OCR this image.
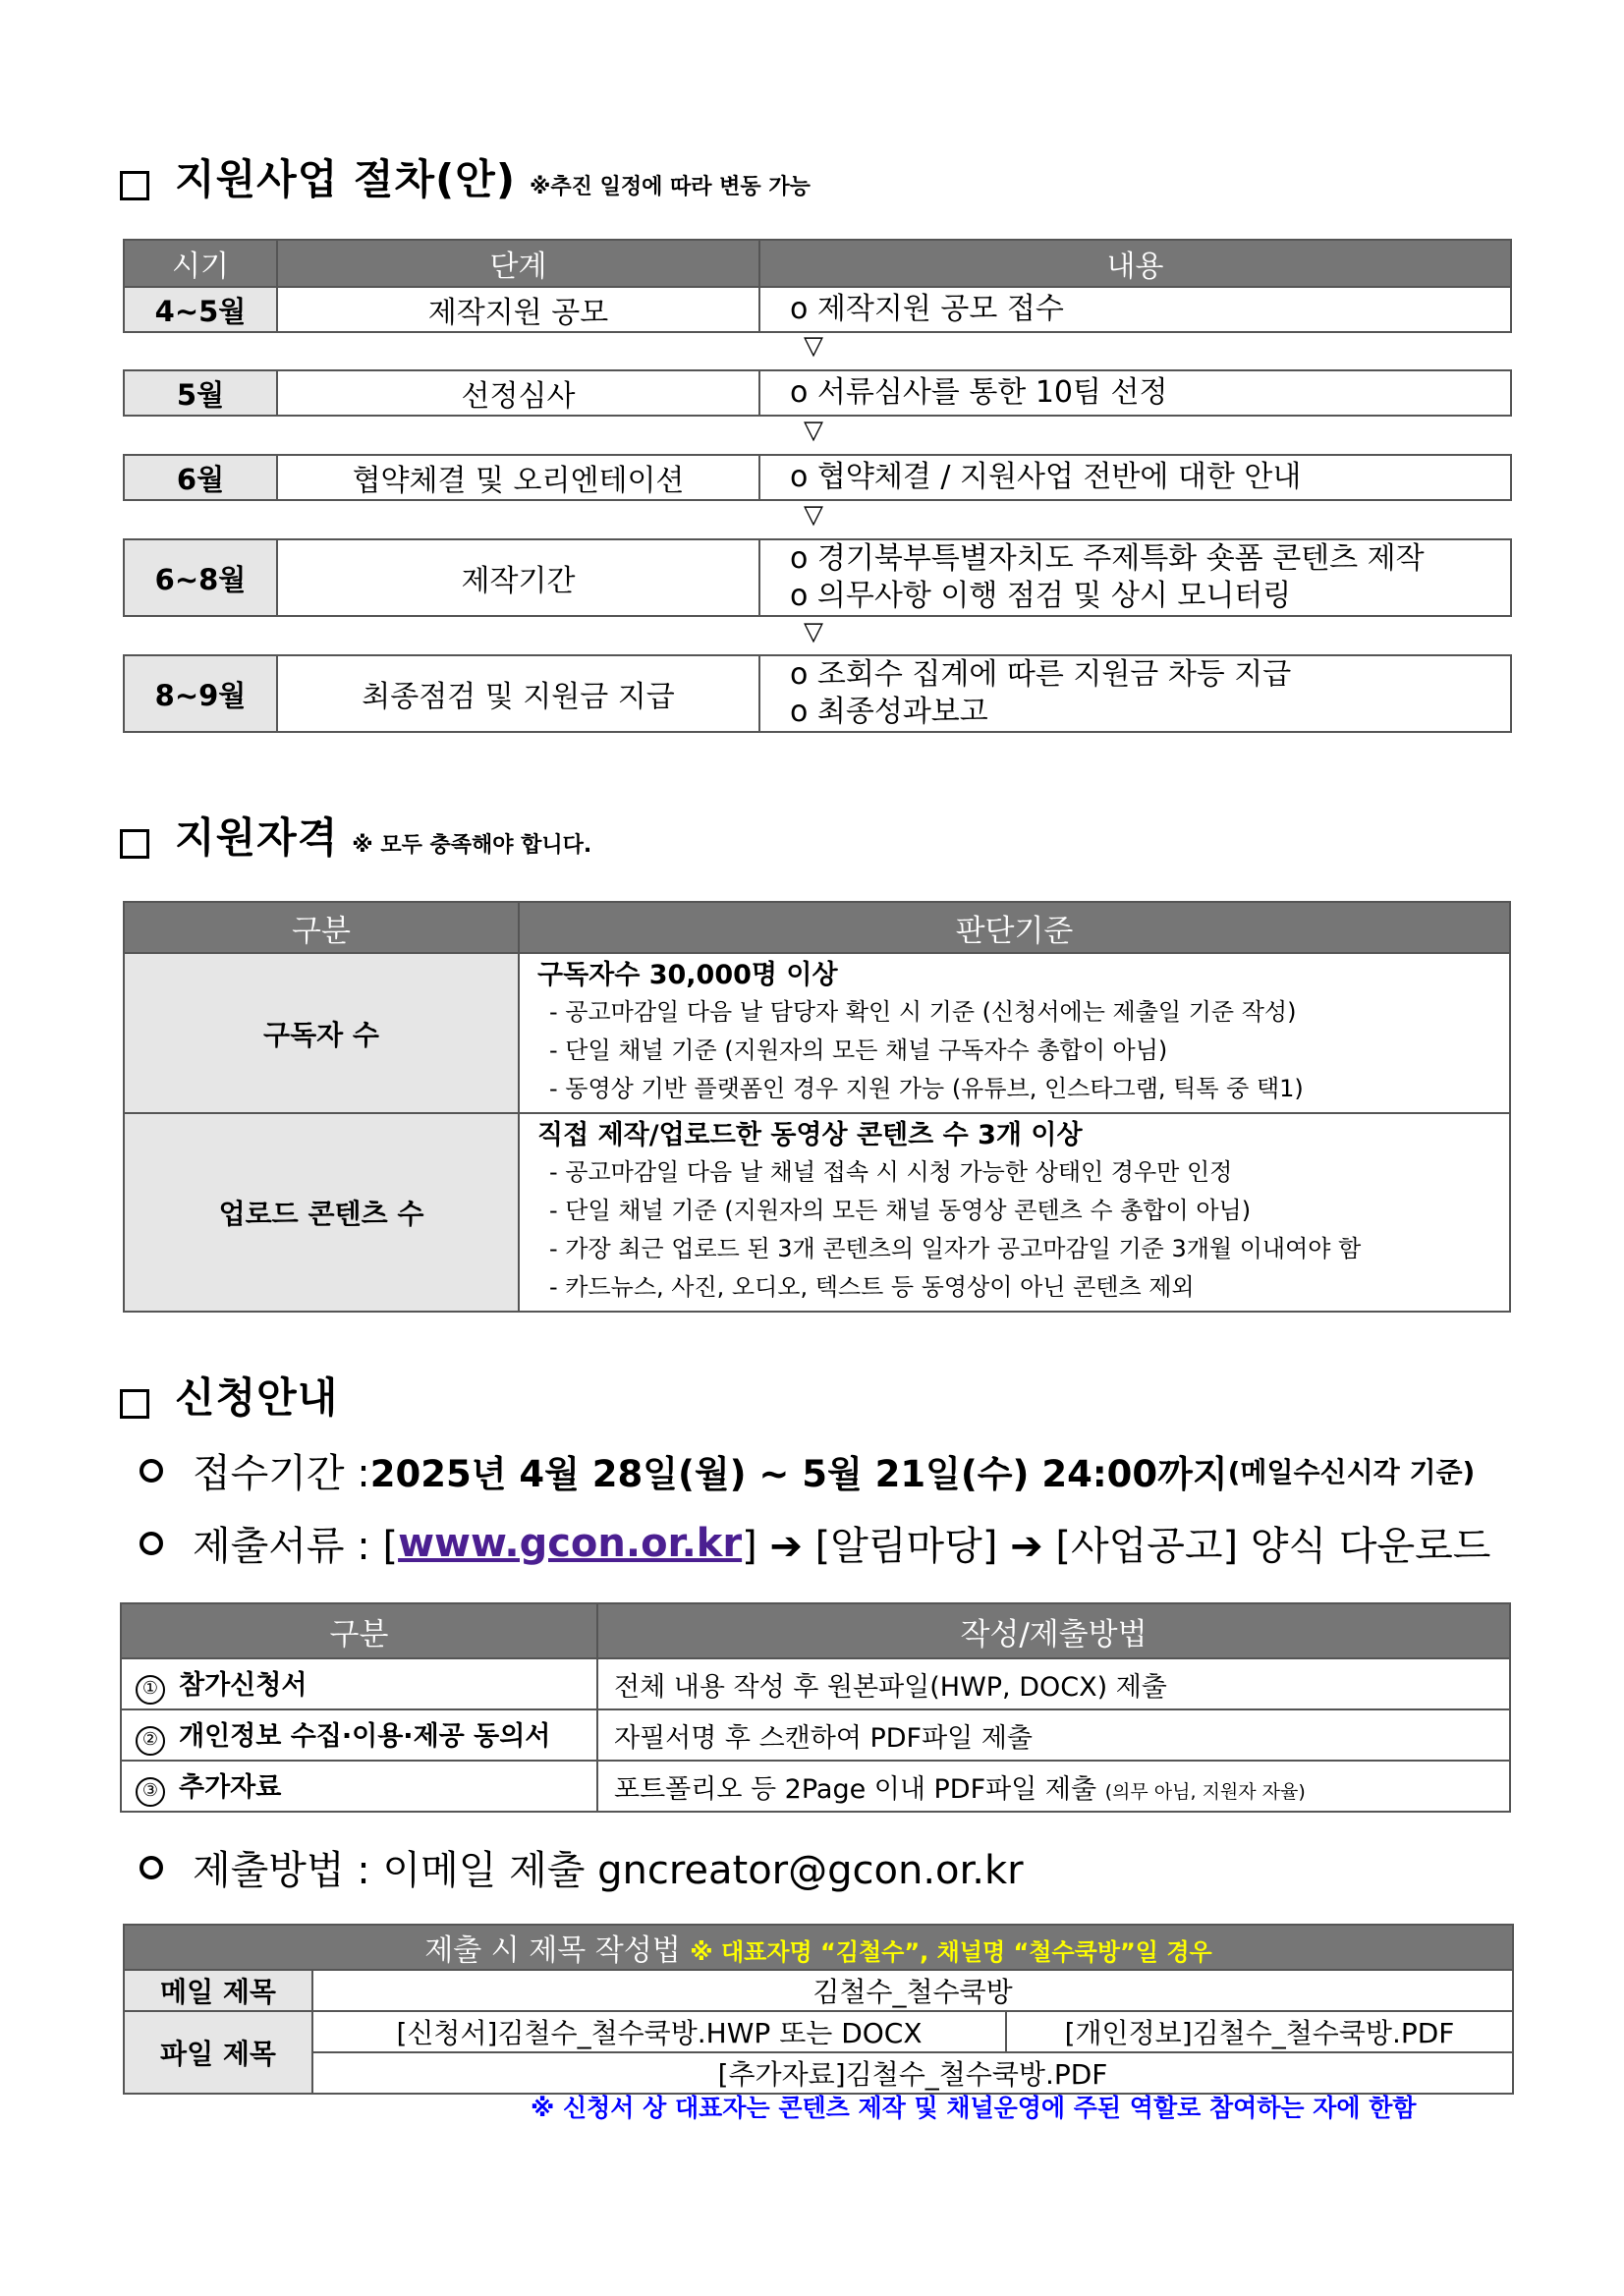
지원사업 절차(안) ※추진 일정에 따라 변동 가능
시기	단계	내용
4~5월	제작지원 공모	o 제작지원 공모 접수
▽
5월	선정심사	o 서류심사를 통한 10팀 선정
▽
6월	협약체결 및 오리엔테이션	o 협약체결 / 지원사업 전반에 대한 안내
▽
6~8월	제작기간	
o 경기북부특별자치도 주제특화 숏폼 콘텐츠 제작
o 의무사항 이행 점검 및 상시 모니터링
▽
8~9월	최종점검 및 지원금 지급	
o 조회수 집계에 따른 지원금 차등 지급
o 최종성과보고
지원자격 ※ 모두 충족해야 합니다.
구분	판단기준
구독자 수	구독자수 30,000명 이상
- 공고마감일 다음 날 담당자 확인 시 기준 (신청서에는 제출일 기준 작성)
- 단일 채널 기준 (지원자의 모든 채널 구독자수 총합이 아님)
- 동영상 기반 플랫폼인 경우 지원 가능 (유튜브, 인스타그램, 틱톡 중 택1)

업로드 콘텐츠 수	직접 제작/업로드한 동영상 콘텐츠 수 3개 이상
- 공고마감일 다음 날 채널 접속 시 시청 가능한 상태인 경우만 인정
- 단일 채널 기준 (지원자의 모든 채널 동영상 콘텐츠 수 총합이 아님)
- 가장 최근 업로드 된 3개 콘텐츠의 일자가 공고마감일 기준 3개월 이내여야 함
- 카드뉴스, 사진, 오디오, 텍스트 등 동영상이 아닌 콘텐츠 제외
신청안내
접수기간 : 2025년 4월 28일(월) ~ 5월 21일(수) 24:00까지 (메일수신시각 기준)
제출서류 : [ www.gcon.or.kr ] ➔ [알림마당] ➔ [사업공고] 양식 다운로드
구분	작성/제출방법
① 참가신청서	전체 내용 작성 후 원본파일(HWP, DOCX) 제출
② 개인정보 수집·이용·제공 동의서	자필서명 후 스캔하여 PDF파일 제출
③ 추가자료	포트폴리오 등 2Page 이내 PDF파일 제출 (의무 아님, 지원자 자율)
제출방법 : 이메일 제출 gncreator@gcon.or.kr
제출 시 제목 작성법 ※ 대표자명 “김철수”, 채널명 “철수쿡방”일 경우		
메일 제목	김철수_철수쿡방	
파일 제목	[신청서]김철수_철수쿡방.HWP 또는 DOCX	[개인정보]김철수_철수쿡방.PDF
	[추가자료]김철수_철수쿡방.PDF	
※ 신청서 상 대표자는 콘텐츠 제작 및 채널운영에 주된 역할로 참여하는 자에 한함
